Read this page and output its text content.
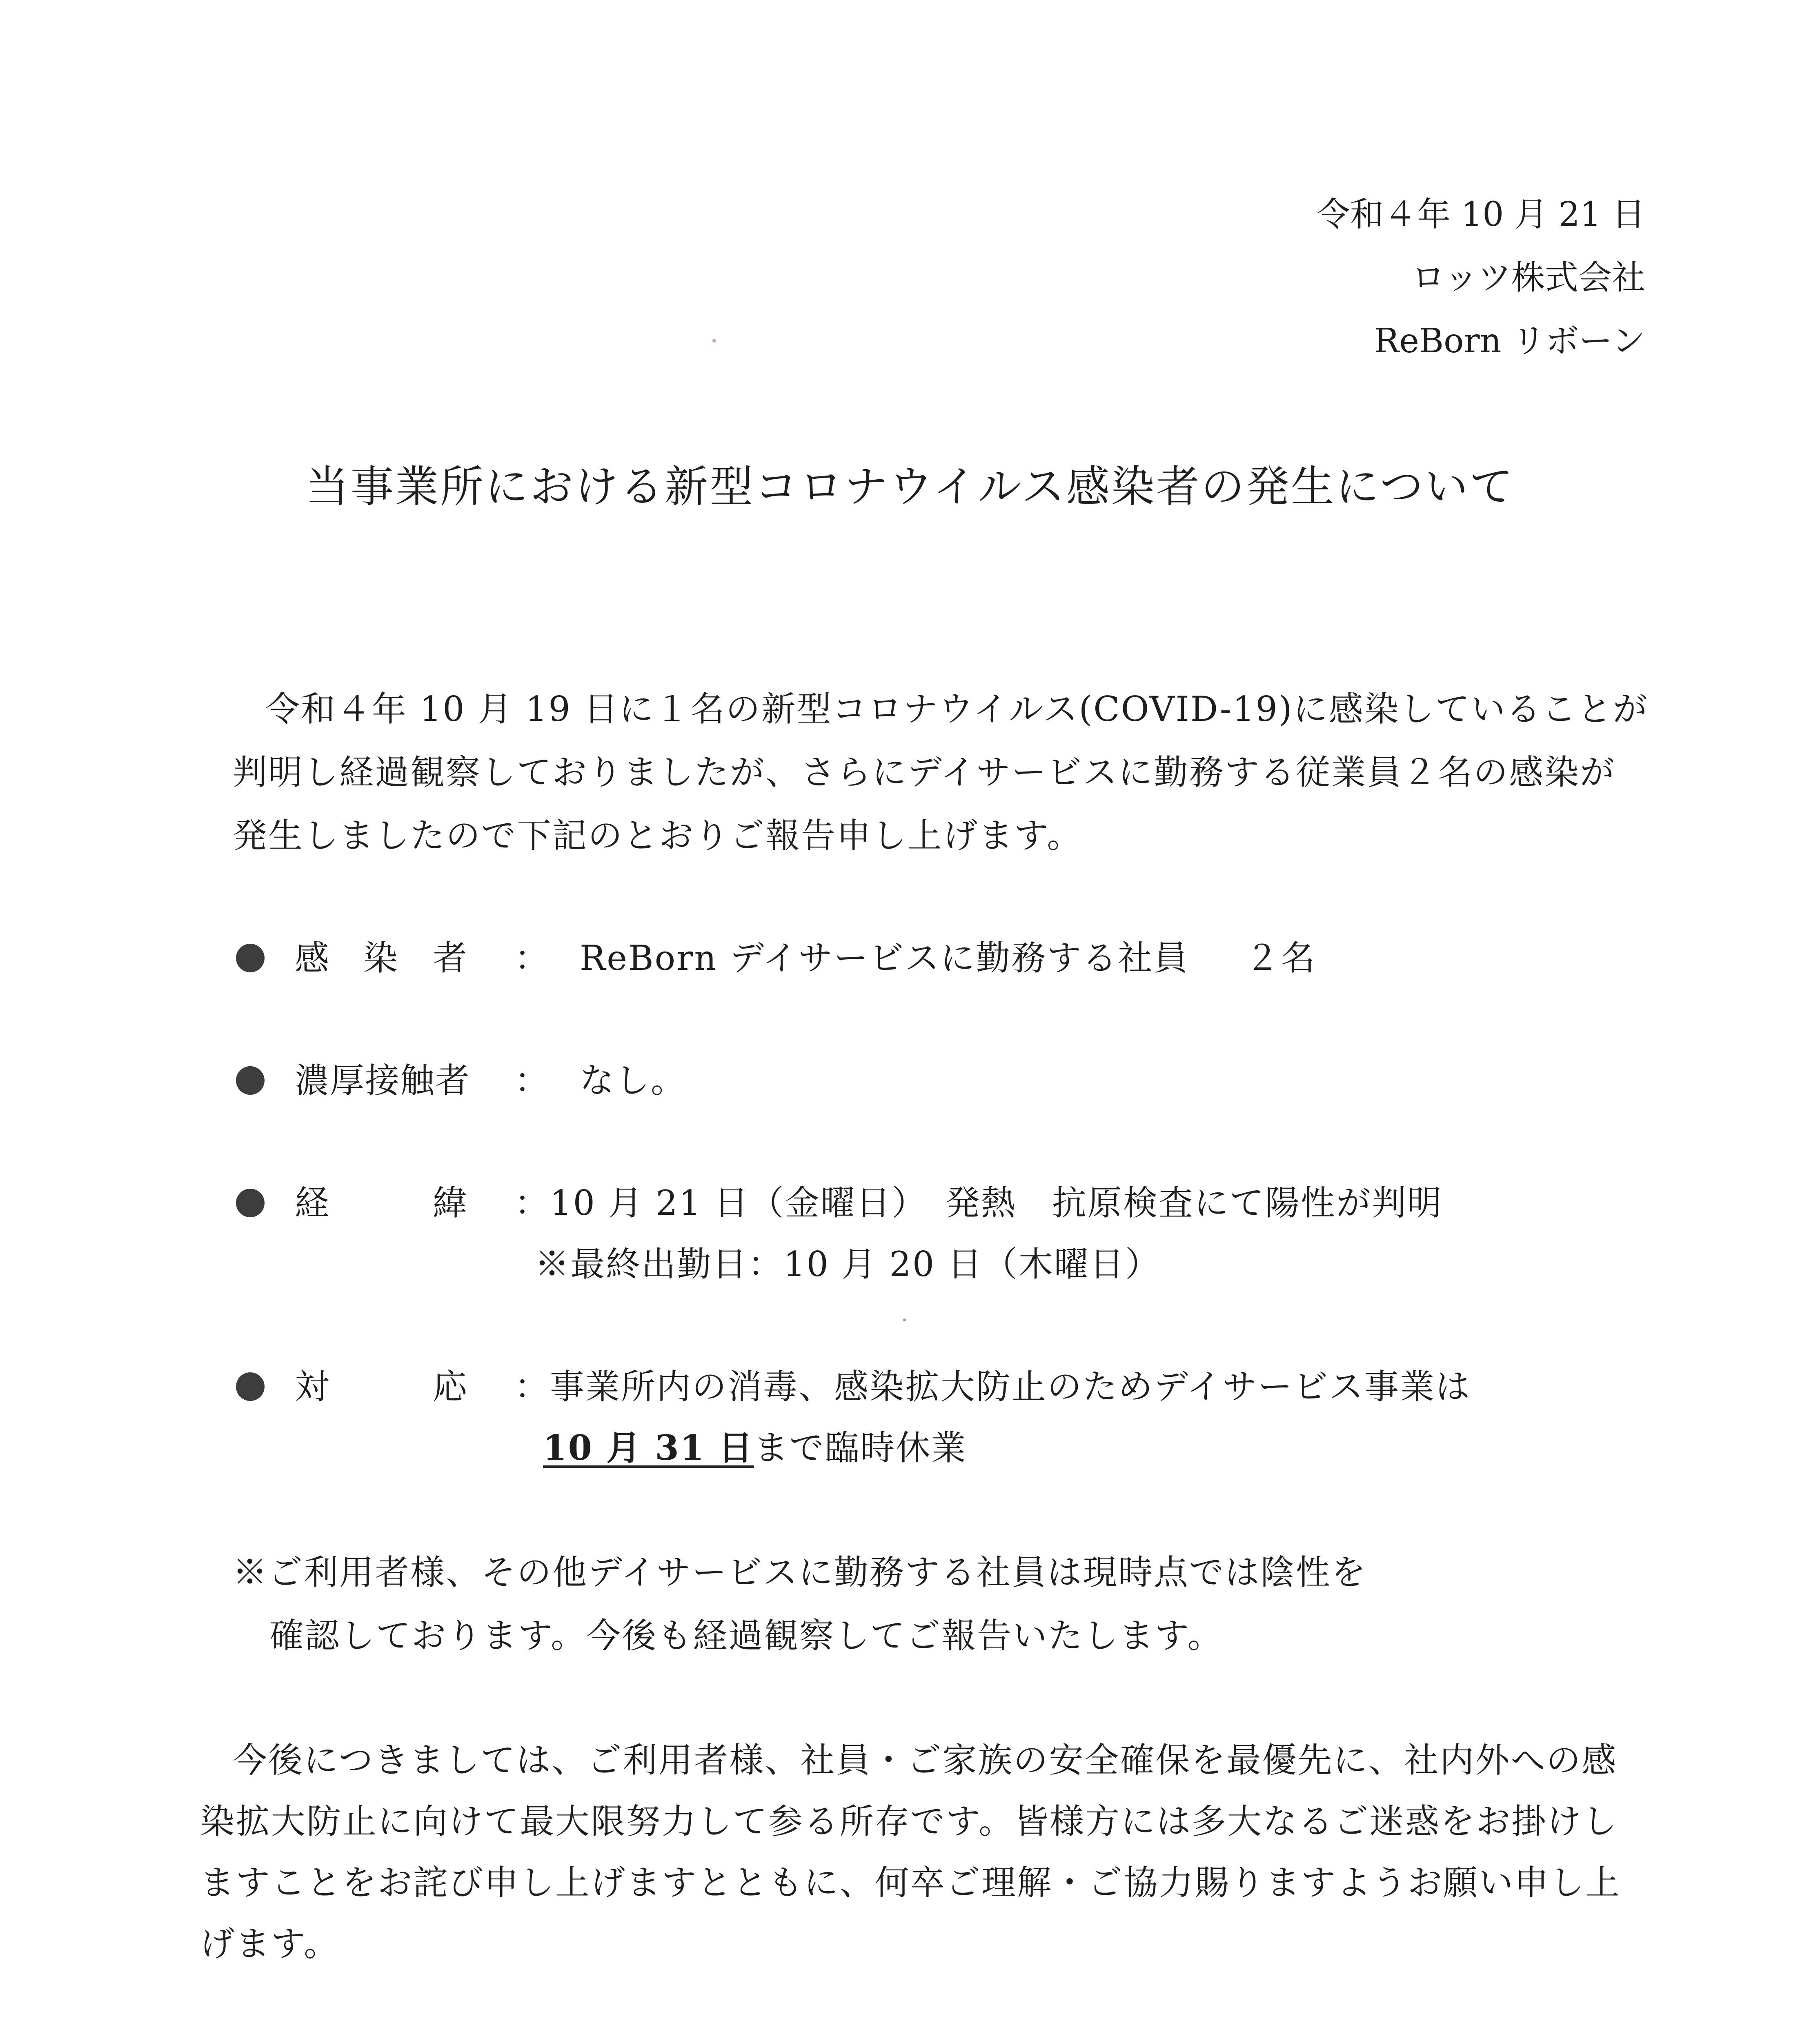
令和４年 10 月 21 日
ロッツ株式会社
ReBorn リボーン
当事業所における新型コロナウイルス感染者の発生について
令和４年 10 月 19 日に１名の新型コロナウイルス(COVID-19)に感染していることが
判明し経過観察しておりましたが、さらにデイサービスに勤務する従業員２名の感染が
発生しましたので下記のとおりご報告申し上げます。
感 染 者 ： ReBorn デイサービスに勤務する社員 ２名
濃厚接触者 ： なし。
経	緯 ：10 月 21 日（金曜日）　発熱　抗原検査にて陽性が判明
※最終出勤日：10 月 20 日（木曜日）
対	応 ：事業所内の消毒、感染拡大防止のためデイサービス事業は
10 月 31 日まで臨時休業
※ご利用者様、その他デイサービスに勤務する社員は現時点では陰性を
確認しております。今後も経過観察してご報告いたします。
今後につきましては、ご利用者様、社員・ご家族の安全確保を最優先に、社内外への感
染拡大防止に向けて最大限努力して参る所存です。皆様方には多大なるご迷惑をお掛けし
ますことをお詫び申し上げますとともに、何卒ご理解・ご協力賜りますようお願い申し上
げます。
